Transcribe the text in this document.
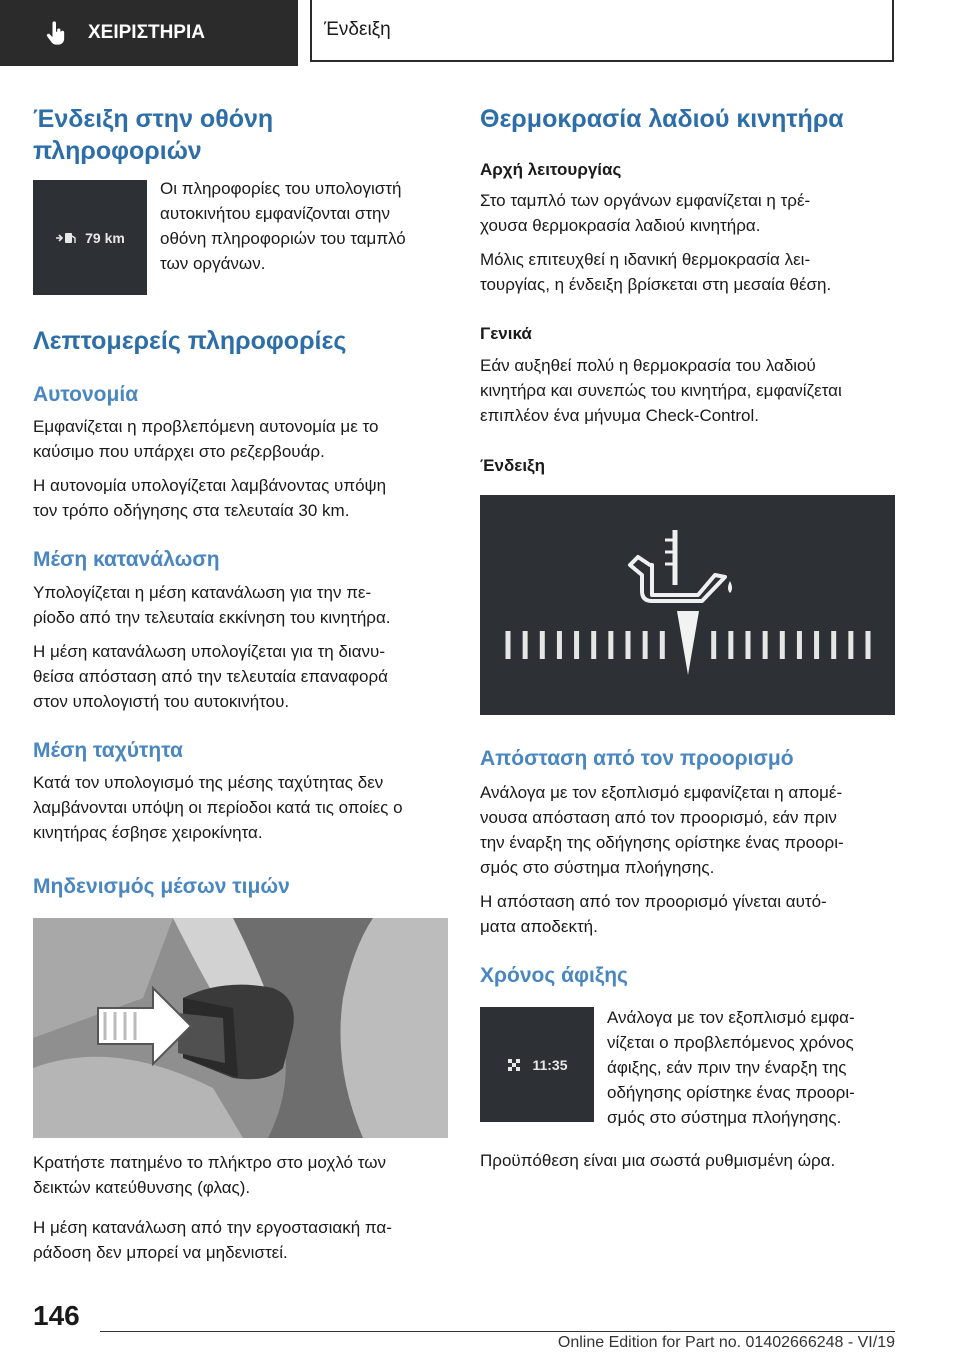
ΧΕΙΡΙΣΤΗΡΙΑ	Ένδειξη
Ένδειξη στην οθόνη
πληροφοριών
79 km

Οι πληροφορίες του υπολογιστή

αυτοκινήτου εμφανίζονται στην

οθόνη πληροφοριών του ταμπλό

των οργάνων.

Λεπτομερείς πληροφορίες
Αυτονομία

Εμφανίζεται η προβλεπόμενη αυτονομία με το

καύσιμο που υπάρχει στο ρεζερβουάρ.

Η αυτονομία υπολογίζεται λαμβάνοντας υπόψη

τον τρόπο οδήγησης στα τελευταία 30 km.

Μέση κατανάλωση

Υπολογίζεται η μέση κατανάλωση για την πε‐

ρίοδο από την τελευταία εκκίνηση του κινητήρα.

Η μέση κατανάλωση υπολογίζεται για τη διανυ‐

θείσα απόσταση από την τελευταία επαναφορά

στον υπολογιστή του αυτοκινήτου.

Μέση ταχύτητα

Κατά τον υπολογισμό της μέσης ταχύτητας δεν

λαμβάνονται υπόψη οι περίοδοι κατά τις οποίες ο

κινητήρας έσβησε χειροκίνητα.

Μηδενισμός μέσων τιμών

Κρατήστε πατημένο το πλήκτρο στο μοχλό των

δεικτών κατεύθυνσης (φλας).

Η μέση κατανάλωση από την εργοστασιακή πα‐

ράδοση δεν μπορεί να μηδενιστεί.

Θερμοκρασία λαδιού κινητήρα
Αρχή λειτουργίας

Στο ταμπλό των οργάνων εμφανίζεται η τρέ‐

χουσα θερμοκρασία λαδιού κινητήρα.

Μόλις επιτευχθεί η ιδανική θερμοκρασία λει‐

τουργίας, η ένδειξη βρίσκεται στη μεσαία θέση.

Γενικά

Εάν αυξηθεί πολύ η θερμοκρασία του λαδιού

κινητήρα και συνεπώς του κινητήρα, εμφανίζεται

επιπλέον ένα μήνυμα Check-Control.

Ένδειξη
Απόσταση από τον προορισμό

Ανάλογα με τον εξοπλισμό εμφανίζεται η απομέ‐

νουσα απόσταση από τον προορισμό, εάν πριν

την έναρξη της οδήγησης ορίστηκε ένας προορι‐

σμός στο σύστημα πλοήγησης.

Η απόσταση από τον προορισμό γίνεται αυτό‐

ματα αποδεκτή.

Χρόνος άφιξης
11:35

Ανάλογα με τον εξοπλισμό εμφα‐

νίζεται ο προβλεπόμενος χρόνος

άφιξης, εάν πριν την έναρξη της

οδήγησης ορίστηκε ένας προορι‐

σμός στο σύστημα πλοήγησης.

Προϋπόθεση είναι μια σωστά ρυθμισμένη ώρα.

146
Online Edition for Part no. 01402666248 - VI/19
